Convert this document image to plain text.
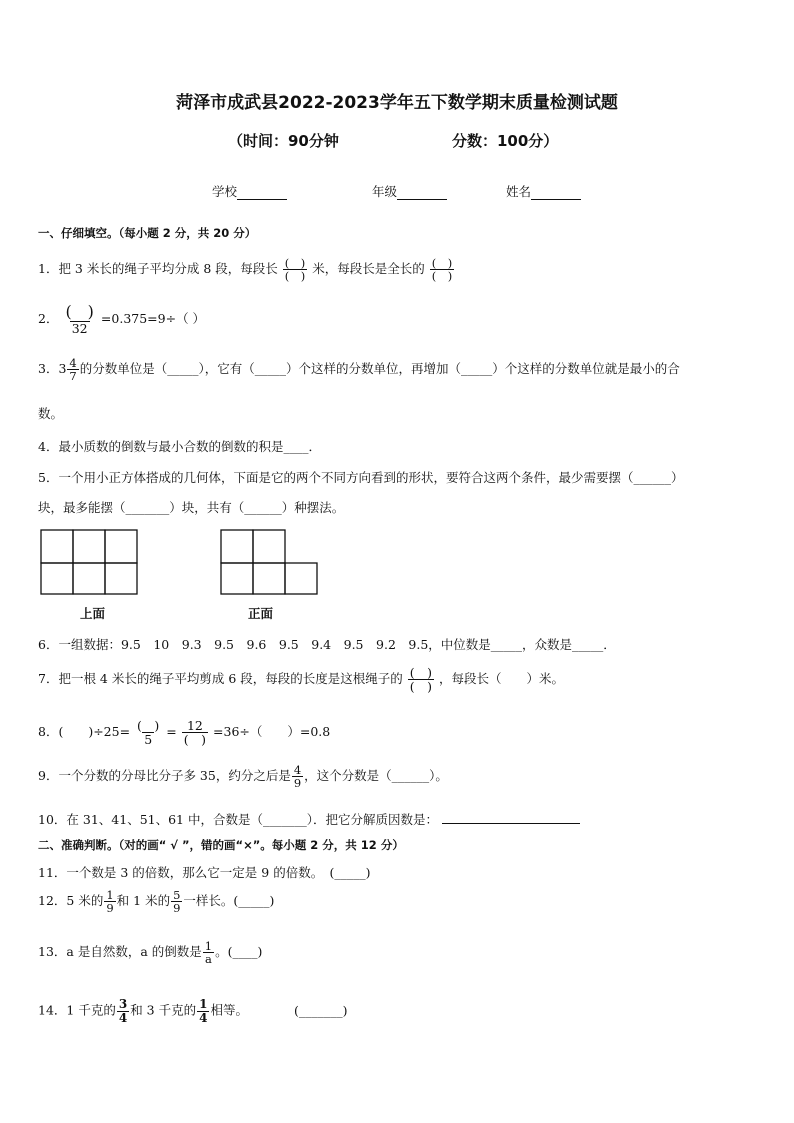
菏泽市成武县2022-2023学年五下数学期末质量检测试题
（时间：90分钟	分数：100分）
学校	年级	姓名
一、仔细填空。（每小题 2 分，共 20 分）
1．把 3 米长的绳子平均分成 8 段，每段长 $\frac{( )}{( )}$ 米，每段长是全长的 $\frac{( )}{( )}$
2． $\frac{( )}{32} =0.375=9\div$（ ）
3．$3 \frac{4}{7}$ 的分数单位是（_____），它有（_____）个这样的分数单位，再增加（_____）个这样的分数单位就是最小的合
数。
4．最小质数的倒数与最小合数的倒数的积是____．
5．一个用小正方体搭成的几何体，下面是它的两个不同方向看到的形状，要符合这两个条件，最少需要摆（______）
块，最多能摆（_______）块，共有（______）种摆法。
上面	正面
6．一组数据：9.5　10　9.3　9.5　9.6　9.5　9.4　9.5　9.2　9.5，中位数是_____，众数是_____．
7．把一根 4 米长的绳子平均剪成 6 段，每段的长度是这根绳子的 $\frac{( )}{( )}$ ，每段长（　　）米。
8．(　　)$\div 25= \frac{( )}{5} = \frac{12}{( )} =36\div$（　　）=0.8
9．一个分数的分母比分子多 35，约分之后是 $\frac{4}{9}$ ，这个分数是（______）。
10．在 31、41、51、61 中，合数是（_______）．把它分解质因数是：
二、准确判断。（对的画“ √ ”，错的画“×”。每小题 2 分，共 12 分）
11．一个数是 3 的倍数，那么它一定是 9 的倍数。　(_____)
12．5 米的 $\frac{1}{9}$ 和 1 米的 $\frac{5}{9}$ 一样长。(_____)
13．a 是自然数，a 的倒数是 $\frac{1}{a}$ 。(____)
14．1 千克的 $\frac{3}{4}$ 和 3 千克的 $\frac{1}{4}$ 相等。	(_______)
